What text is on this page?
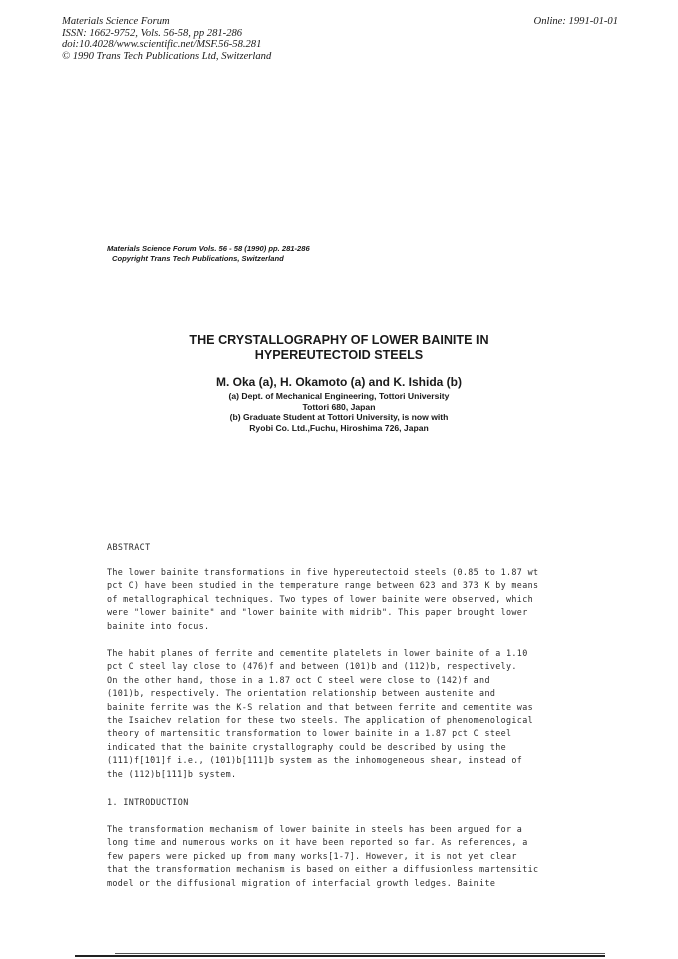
Materials Science Forum
ISSN: 1662-9752, Vols. 56-58, pp 281-286
doi:10.4028/www.scientific.net/MSF.56-58.281
© 1990 Trans Tech Publications Ltd, Switzerland
Online: 1991-01-01
Materials Science Forum Vols. 56 - 58 (1990) pp. 281-286
Copyright Trans Tech Publications, Switzerland
THE CRYSTALLOGRAPHY OF LOWER BAINITE IN
HYPEREUTECTOID STEELS
M. Oka (a), H. Okamoto (a) and K. Ishida (b)
(a) Dept. of Mechanical Engineering, Tottori University
Tottori 680, Japan
(b) Graduate Student at Tottori University, is now with
Ryobi Co. Ltd.,Fuchu, Hiroshima 726, Japan
ABSTRACT
The lower bainite transformations in five hypereutectoid steels (0.85 to 1.87 wt
pct C) have been studied in the temperature range between 623 and 373 K by means
of metallographical techniques. Two types of lower bainite were observed, which
were "lower bainite" and "lower bainite with midrib". This paper brought lower
bainite into focus.
The habit planes of ferrite and cementite platelets in lower bainite of a 1.10
pct C steel lay close to (476)f and between (101)b and (112)b, respectively.
On the other hand, those in a 1.87 oct C steel were close to (142)f and
(101)b, respectively. The orientation relationship between austenite and
bainite ferrite was the K-S relation and that between ferrite and cementite was
the Isaichev relation for these two steels. The application of phenomenological
theory of martensitic transformation to lower bainite in a 1.87 pct C steel
indicated that the bainite crystallography could be described by using the
(1̄1̄1)f[1̄01]f i.e., (101)b[1̄11]b system as the inhomogeneous shear, instead of
the (112)b[1̄1̄1]b system.
1. INTRODUCTION
The transformation mechanism of lower bainite in steels has been argued for a
long time and numerous works on it have been reported so far. As references, a
few papers were picked up from many works[1-7]. However, it is not yet clear
that the transformation mechanism is based on either a diffusionless martensitic
model or the diffusional migration of interfacial growth ledges. Bainite
